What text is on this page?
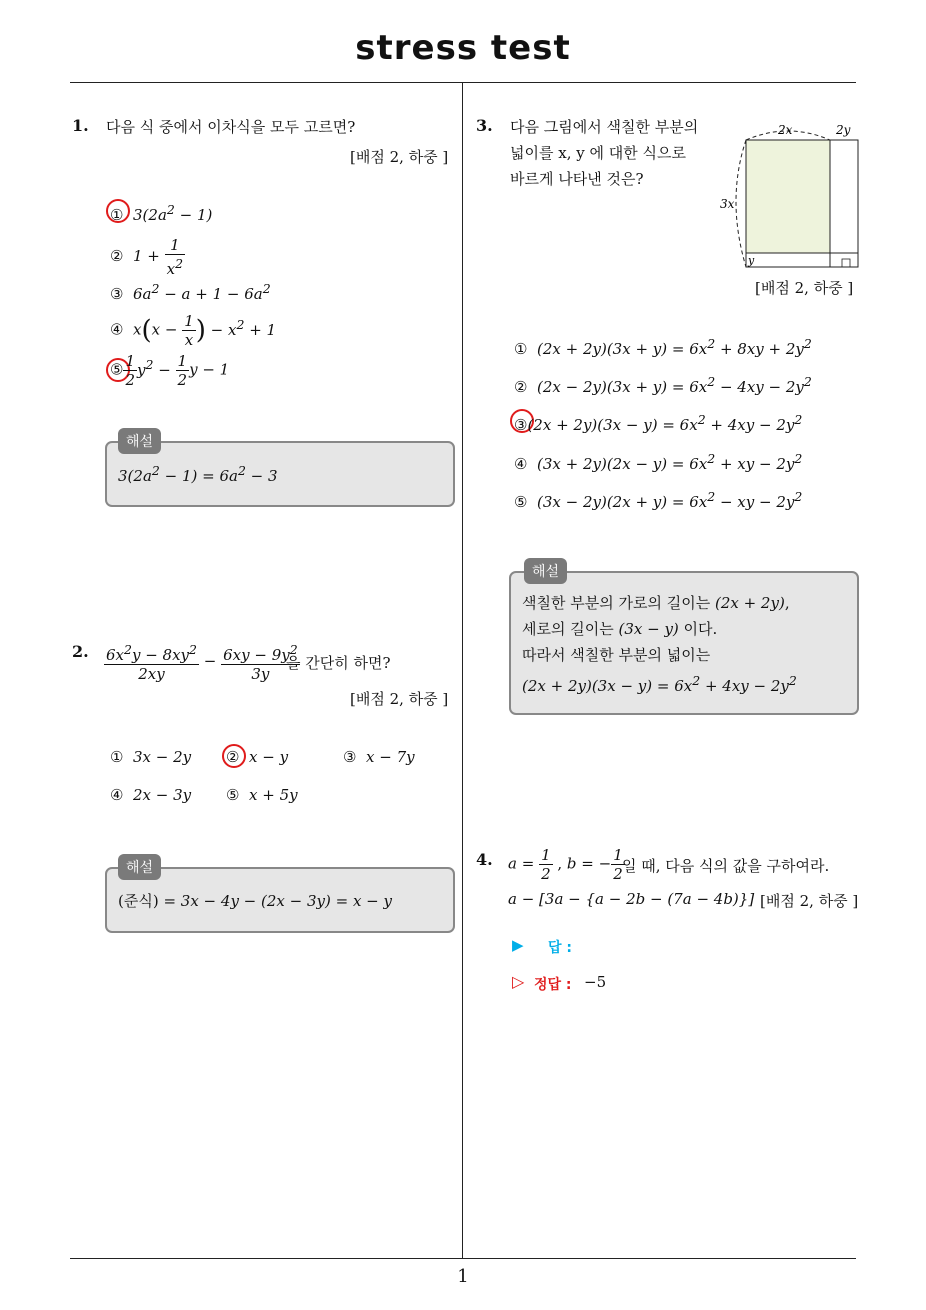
stress test
1
1. 다음 식 중에서 이차식을 모두 고르면?
[배점 2, 하중 ]
① $3(2a^2 - 1)$
② $1 + \frac{1}{x^2}$
③ $6a^2 - a + 1 - 6a^2$
④ $x(x - \frac{1}{x}$ ) − $x^2 + 1$
⑤ $\frac{1}{2} y^2 - \frac{1}{2}$ y − 1
해설
$3(2a^2 - 1) = 6a^2 - 3$
2. $\frac{6x^2y - 8xy^2}{2xy} - \frac{6xy - 9y^2}{3y}$
을 간단히 하면?
[배점 2, 하중 ]
① 3x − 2y ② x − y	③ x − 7y
④ 2x − 3y ⑤ x + 5y
해설
(준식) = 3x − 4y − (2x − 3y) = x − y
3. 다음 그림에서 색칠한 부분의
넓이를 x, y 에 대한 식으로
바르게 나타낸 것은?
2x	2y
3x
y
[배점 2, 하중 ]
① $(2x + 2y)(3x + y) = 6x^2 + 8xy + 2y^2$
② $(2x - 2y)(3x + y) = 6x^2 - 4xy - 2y^2$
③(2x + $2y)(3x - y) = 6x^2 + 4xy - 2y^2$
④ $(3x + 2y)(2x - y) = 6x^2$ + xy − $2y^2$
⑤ $(3x - 2y)(2x + y) = 6x^2$ − xy − $2y^2$
해설
색칠한 부분의 가로의 길이는 (2x + 2y),
세로의 길이는 (3x − y) 이다.
따라서 색칠한 부분의 넓이는
$(2x + 2y)(3x - y) = 6x^2 + 4xy - 2y^2$
4. $a = \frac{1}{2}$ , b = − $\frac{1}{2}$
일 때, 다음 식의 값을 구하여라.
a − [3a − {a − 2b − (7a − 4b)}] [배점 2, 하중 ]
▶ 답 :
▷ 정답 : −5
